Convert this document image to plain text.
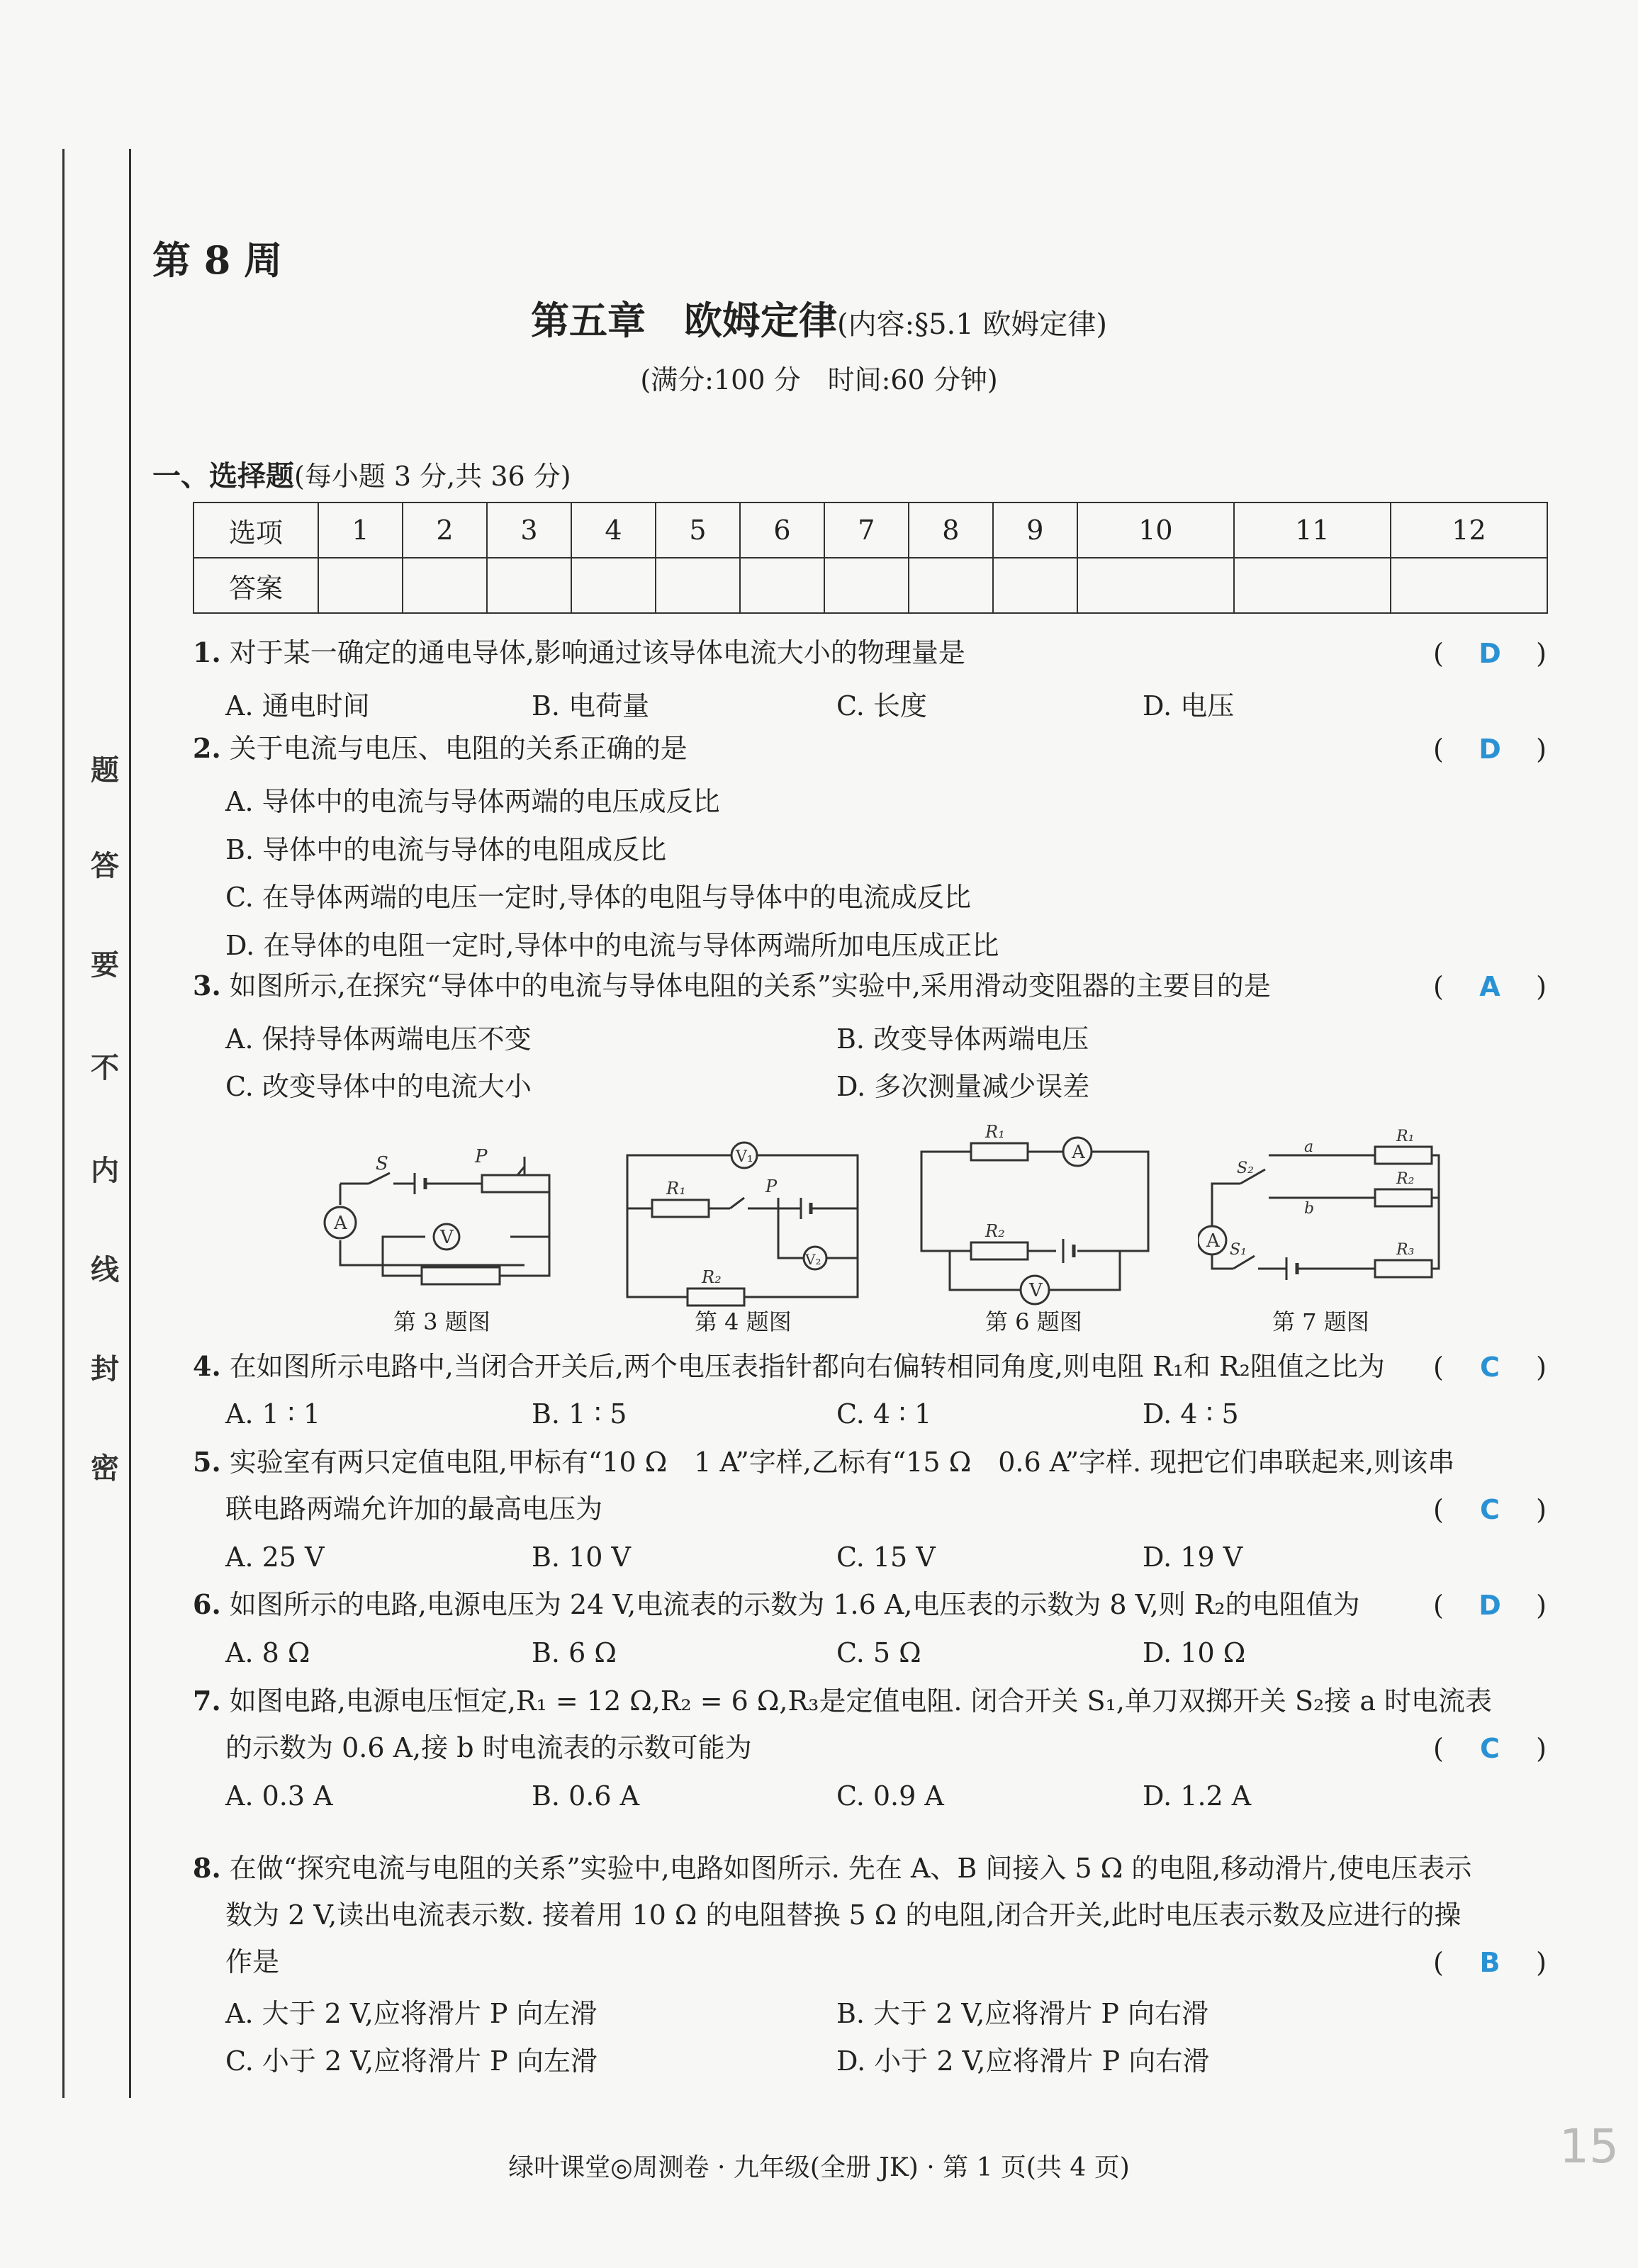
题
答
要
不
内
线
封
密
第 8 周
第五章　欧姆定律(内容:§5.1 欧姆定律)
(满分:100 分　时间:60 分钟)
一、选择题(每小题 3 分,共 36 分)
选项	1	2	3	4	5	6	7	8	9	10	11	12
答案												
1. 对于某一确定的通电导体,影响通过该导体电流大小的物理量是	( D )
A. 通电时间	B. 电荷量	C. 长度	D. 电压
2. 关于电流与电压、电阻的关系正确的是	( D )
A. 导体中的电流与导体两端的电压成反比
B. 导体中的电流与导体的电阻成反比
C. 在导体两端的电压一定时,导体的电阻与导体中的电流成反比
D. 在导体的电阻一定时,导体中的电流与导体两端所加电压成正比
3. 如图所示,在探究“导体中的电流与导体电阻的关系”实验中,采用滑动变阻器的主要目的是	( A )
A. 保持导体两端电压不变	B. 改变导体两端电压
C. 改变导体中的电流大小	D. 多次测量减少误差
S	P
A
V
第 3 题图
V₁
V₂
R₁	P
R₂
第 4 题图
A
V
R₁
R₂
第 6 题图
A
R₁
R₂
R₃
S₂
S₁
a
b
第 7 题图
4. 在如图所示电路中,当闭合开关后,两个电压表指针都向右偏转相同角度,则电阻 R₁和 R₂阻值之比为 ( C )
A. 1 ∶ 1	B. 1 ∶ 5	C. 4 ∶ 1	D. 4 ∶ 5
5. 实验室有两只定值电阻,甲标有“10 Ω　1 A”字样,乙标有“15 Ω　0.6 A”字样. 现把它们串联起来,则该串
联电路两端允许加的最高电压为	( C )
A. 25 V	B. 10 V	C. 15 V	D. 19 V
6. 如图所示的电路,电源电压为 24 V,电流表的示数为 1.6 A,电压表的示数为 8 V,则 R₂的电阻值为	( D )
A. 8 Ω	B. 6 Ω	C. 5 Ω	D. 10 Ω
7. 如图电路,电源电压恒定,R₁ = 12 Ω,R₂ = 6 Ω,R₃是定值电阻. 闭合开关 S₁,单刀双掷开关 S₂接 a 时电流表
的示数为 0.6 A,接 b 时电流表的示数可能为	( C )
A. 0.3 A	B. 0.6 A	C. 0.9 A	D. 1.2 A
8. 在做“探究电流与电阻的关系”实验中,电路如图所示. 先在 A、B 间接入 5 Ω 的电阻,移动滑片,使电压表示
数为 2 V,读出电流表示数. 接着用 10 Ω 的电阻替换 5 Ω 的电阻,闭合开关,此时电压表示数及应进行的操
作是	( B )
A. 大于 2 V,应将滑片 P 向左滑	B. 大于 2 V,应将滑片 P 向右滑
C. 小于 2 V,应将滑片 P 向左滑	D. 小于 2 V,应将滑片 P 向右滑
绿叶课堂◎周测卷 · 九年级(全册 JK) · 第 1 页(共 4 页)	15
